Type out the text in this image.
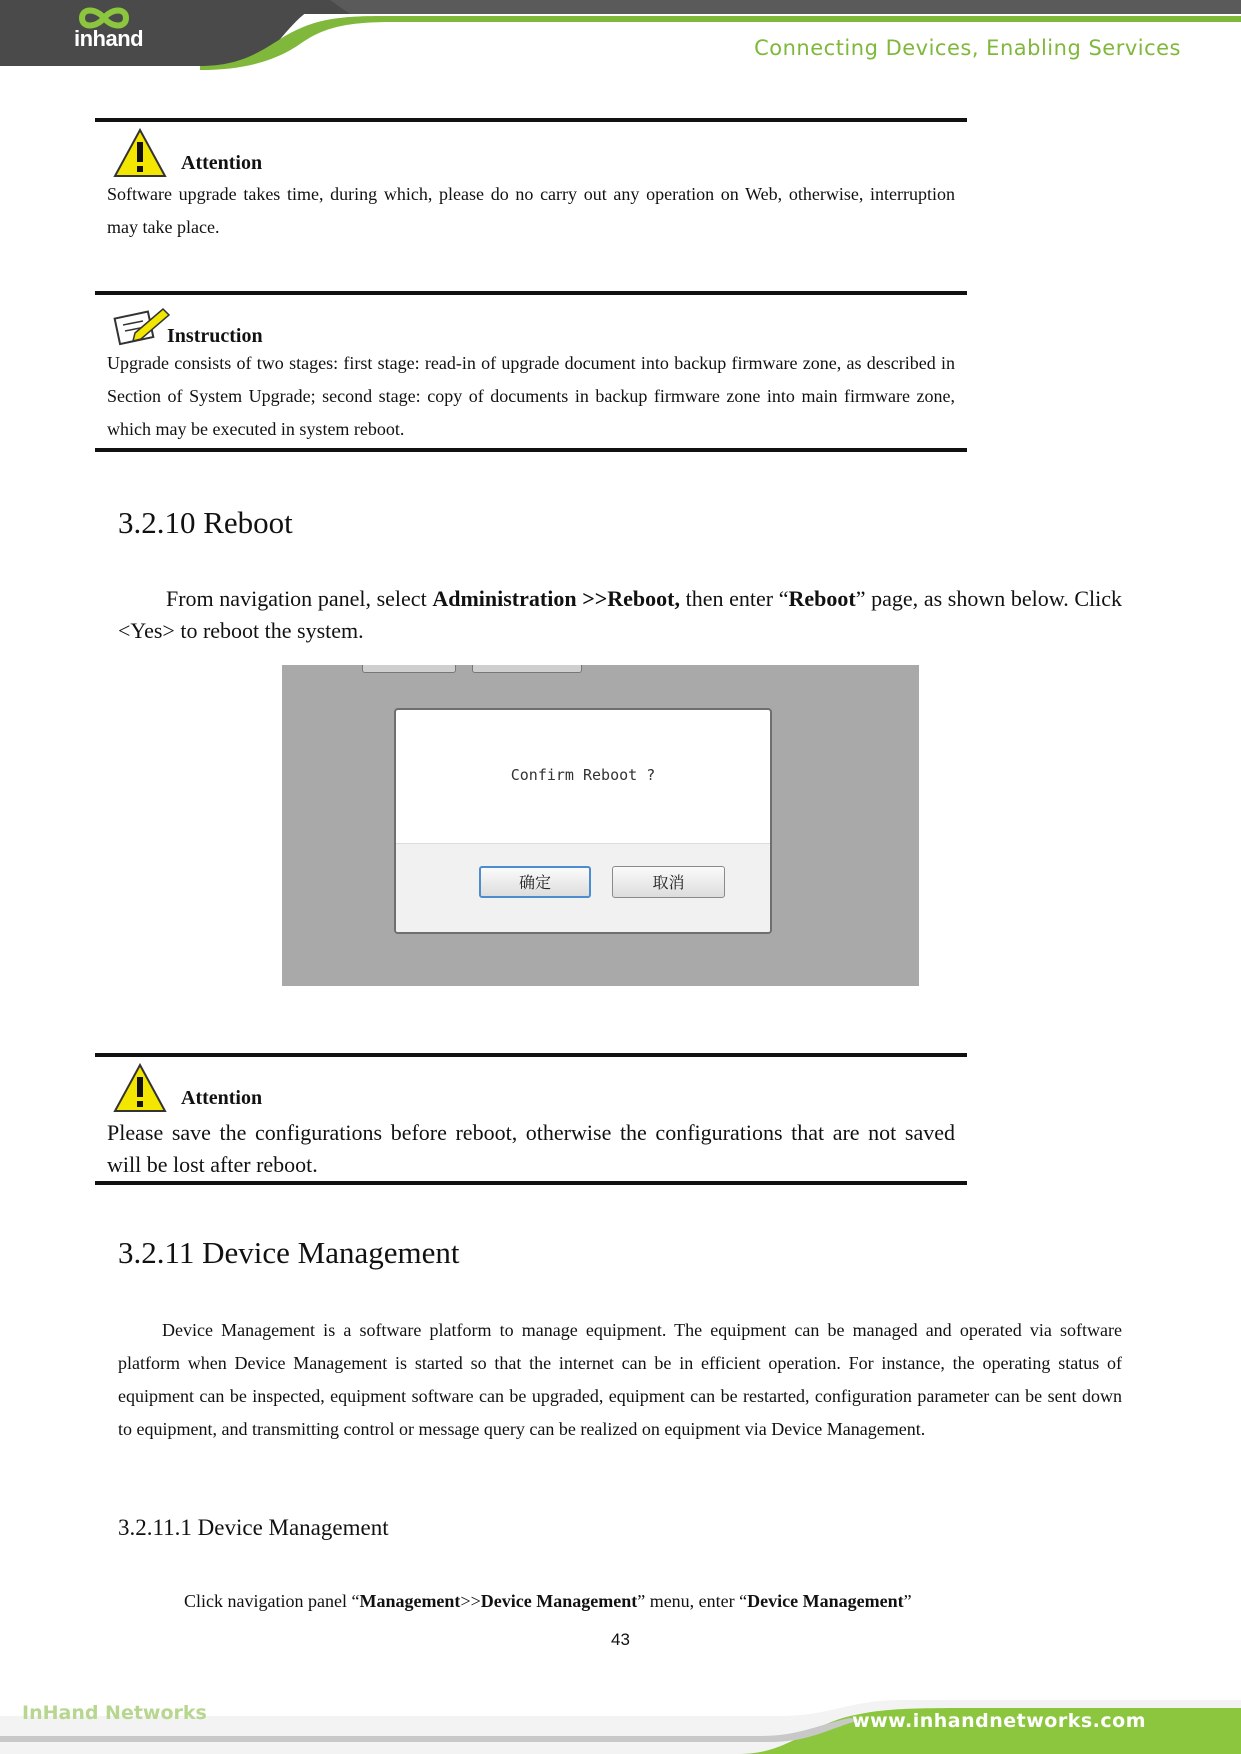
inhand	Connecting Devices, Enabling Services
Attention
Software upgrade takes time, during which, please do no carry out any operation on Web, otherwise, interruption may take place.
Instruction
Upgrade consists of two stages: first stage: read-in of upgrade document into backup firmware zone, as described in Section of System Upgrade; second stage: copy of documents in backup firmware zone into main firmware zone, which may be executed in system reboot.
3.2.10 Reboot

From navigation panel, select Administration >>Reboot, then enter “Reboot” page, as shown below. Click <Yes> to reboot the system.

Confirm Reboot ?
确定	取消
Attention
Please save the configurations before reboot, otherwise the configurations that are not saved will be lost after reboot.
3.2.11 Device Management

Device Management is a software platform to manage equipment. The equipment can be managed and operated via software platform when Device Management is started so that the internet can be in efficient operation. For instance, the operating status of equipment can be inspected, equipment software can be upgraded, equipment can be restarted, configuration parameter can be sent down to equipment, and transmitting control or message query can be realized on equipment via Device Management.

3.2.11.1 Device Management

Click navigation panel “Management>>Device Management” menu, enter “Device Management”

43
InHand Networks	www.inhandnetworks.com
